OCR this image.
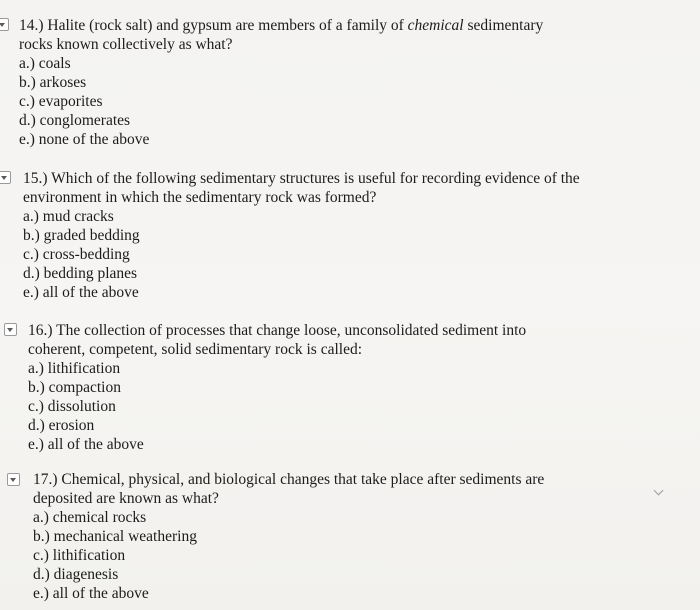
14.) Halite (rock salt) and gypsum are members of a family of chemical sedimentary
rocks known collectively as what?
a.) coals
b.) arkoses
c.) evaporites
d.) conglomerates
e.) none of the above
15.) Which of the following sedimentary structures is useful for recording evidence of the
environment in which the sedimentary rock was formed?
a.) mud cracks
b.) graded bedding
c.) cross-bedding
d.) bedding planes
e.) all of the above
16.) The collection of processes that change loose, unconsolidated sediment into
coherent, competent, solid sedimentary rock is called:
a.) lithification
b.) compaction
c.) dissolution
d.) erosion
e.) all of the above
17.) Chemical, physical, and biological changes that take place after sediments are
deposited are known as what?
a.) chemical rocks
b.) mechanical weathering
c.) lithification
d.) diagenesis
e.) all of the above
